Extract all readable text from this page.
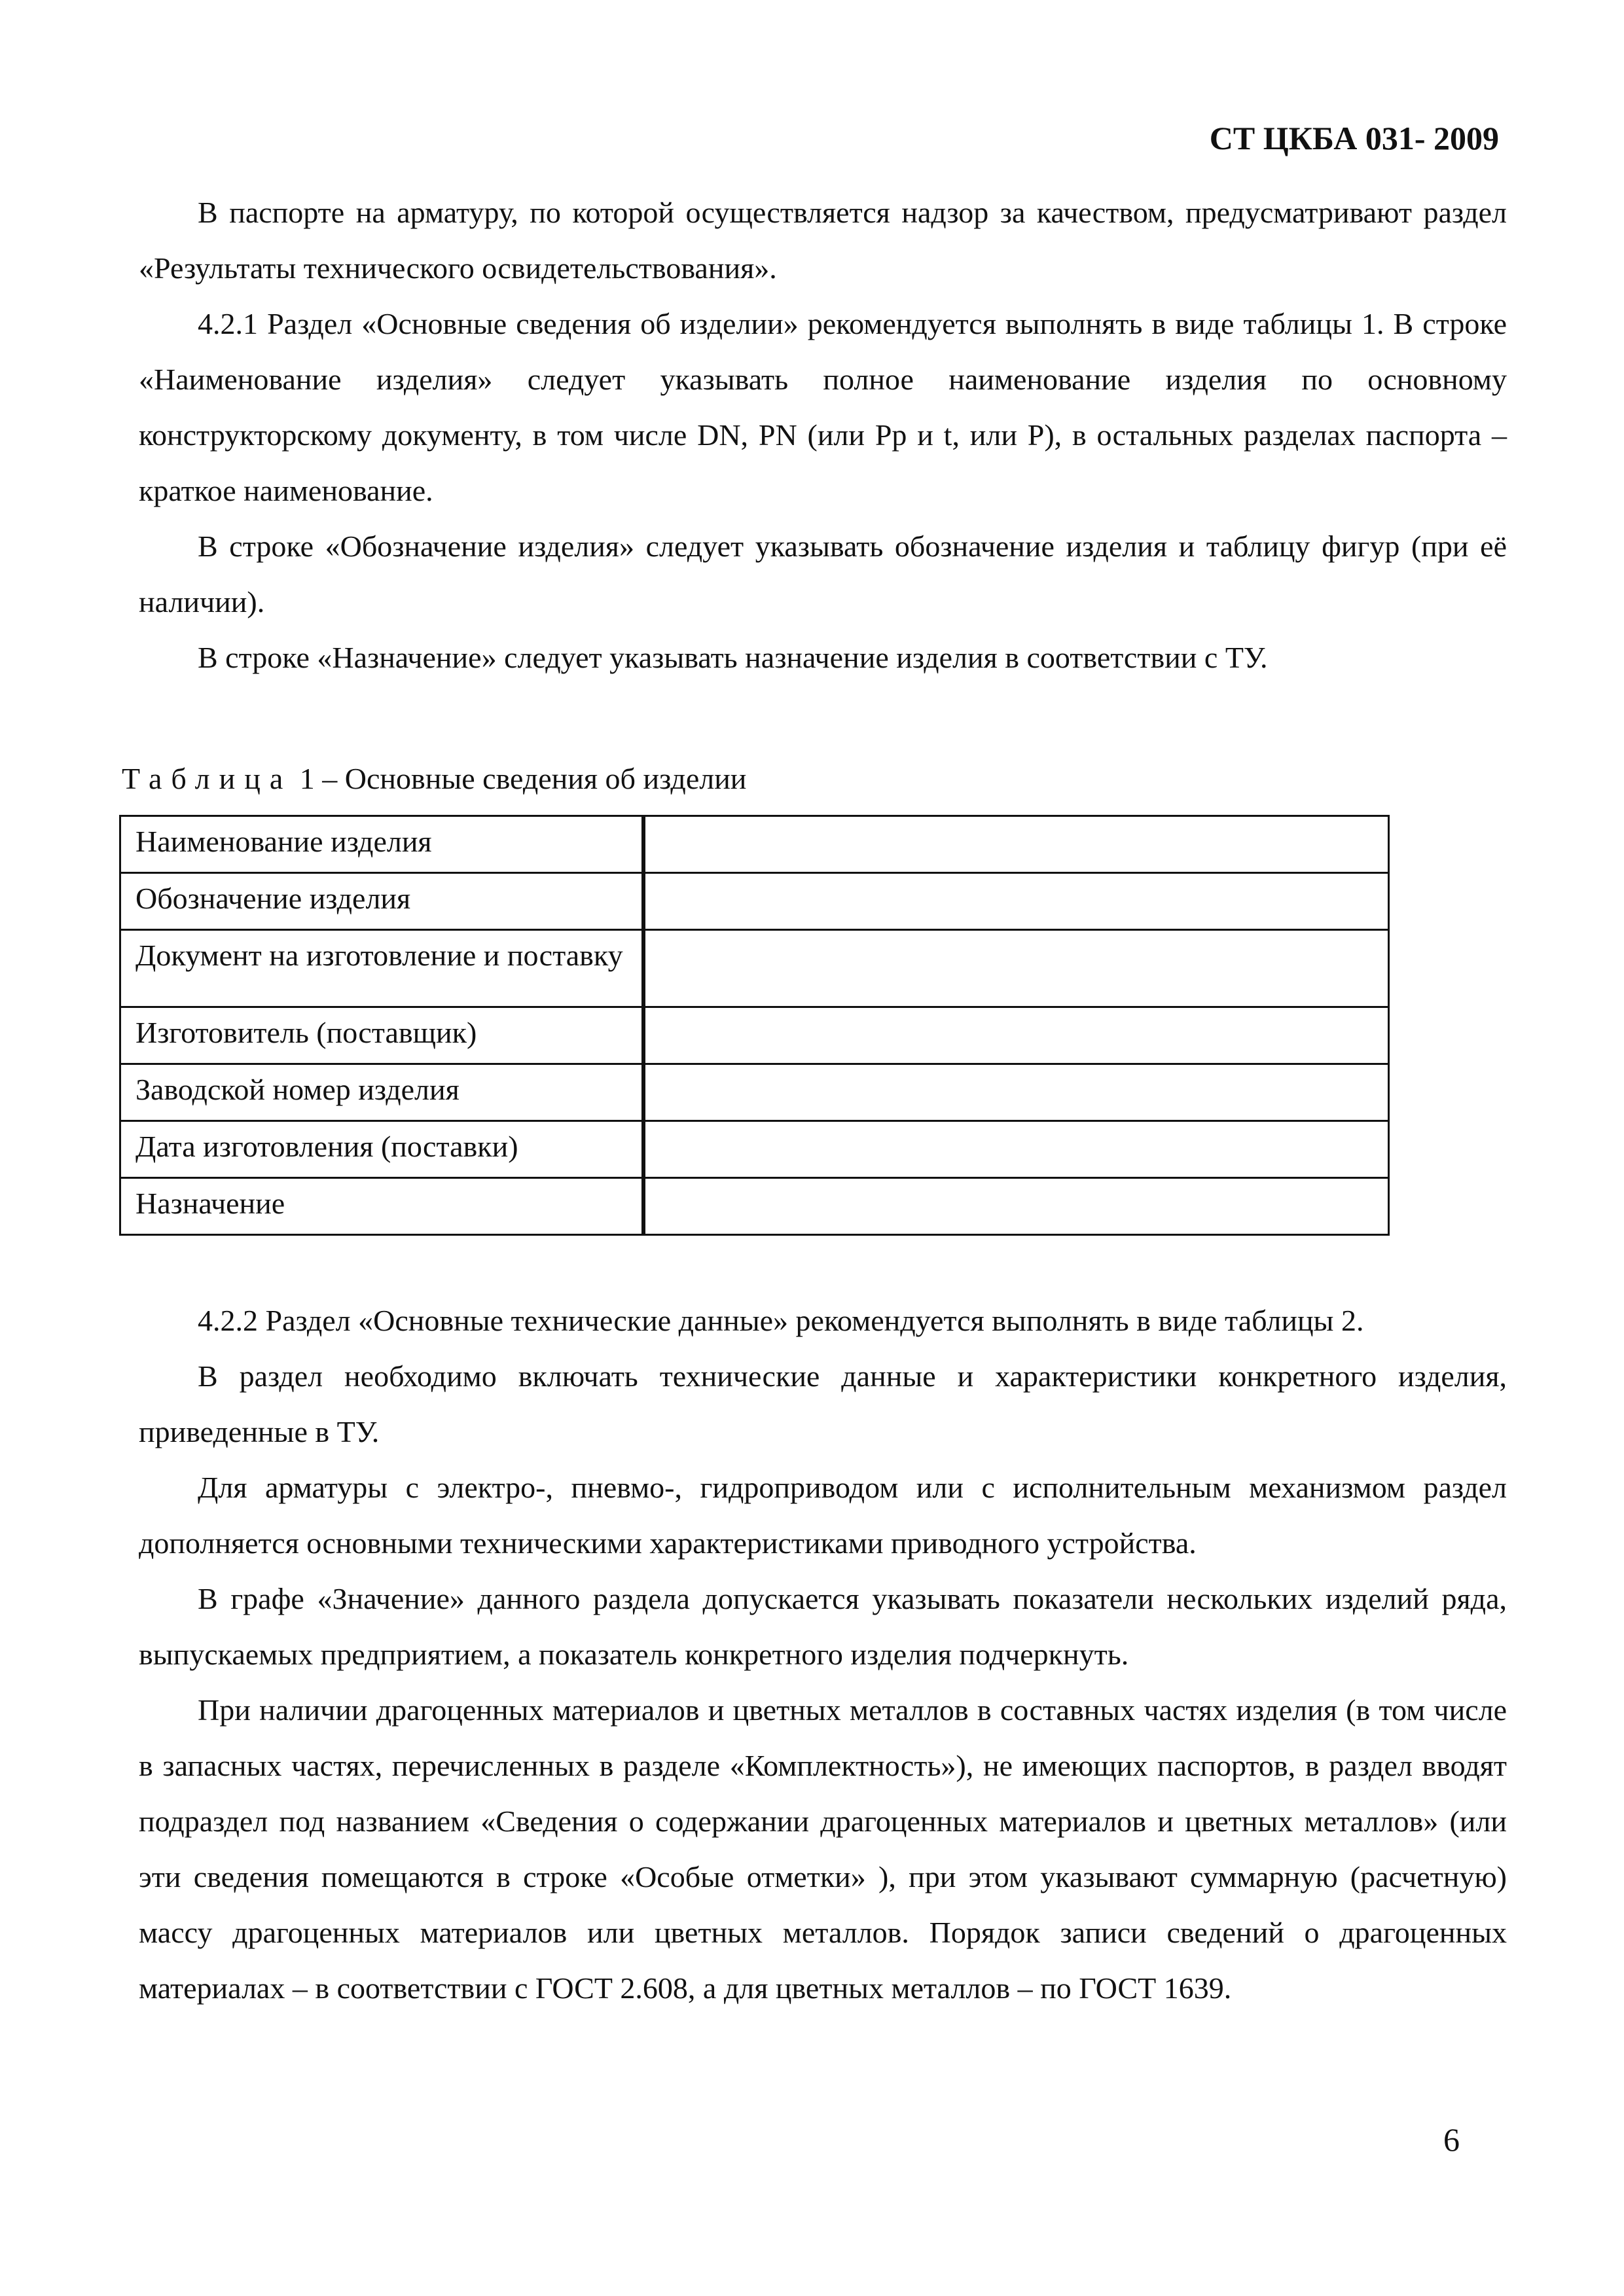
СТ ЦКБА 031- 2009

В паспорте на арматуру, по которой осуществляется надзор за качеством, предусматривают раздел «Результаты технического освидетельствования».

4.2.1 Раздел «Основные сведения об изделии» рекомендуется выполнять в виде таблицы 1. В строке «Наименование изделия» следует указывать полное наименование изделия по основному конструкторскому документу, в том числе DN, PN (или Pp и t, или P), в остальных разделах паспорта – краткое наименование.

В строке «Обозначение изделия» следует указывать обозначение изделия и таблицу фигур (при её наличии).

В строке «Назначение» следует указывать назначение изделия в соответствии с ТУ.

Таблица 1 – Основные сведения об изделии
Наименование изделия	
Обозначение изделия	
Документ на изготовление и поставку	
Изготовитель (поставщик)	
Заводской номер изделия	
Дата изготовления (поставки)	
Назначение	

4.2.2 Раздел «Основные технические данные» рекомендуется выполнять в виде таблицы 2.

В раздел необходимо включать технические данные и характеристики конкретного изделия, приведенные в ТУ.

Для арматуры с электро-, пневмо-, гидроприводом или с исполнительным механизмом раздел дополняется основными техническими характеристиками приводного устройства.

В графе «Значение» данного раздела допускается указывать показатели нескольких изделий ряда, выпускаемых предприятием, а показатель конкретного изделия подчеркнуть.

При наличии драгоценных материалов и цветных металлов в составных частях изделия (в том числе в запасных частях, перечисленных в разделе «Комплектность»), не имеющих паспортов, в раздел вводят подраздел под названием «Сведения о содержании драгоценных материалов и цветных металлов» (или эти сведения помещаются в строке «Особые отметки» ), при этом указывают суммарную (расчетную) массу драгоценных материалов или цветных металлов. Порядок записи сведений о драгоценных материалах – в соответствии с ГОСТ 2.608, а для цветных металлов – по ГОСТ 1639.

6
